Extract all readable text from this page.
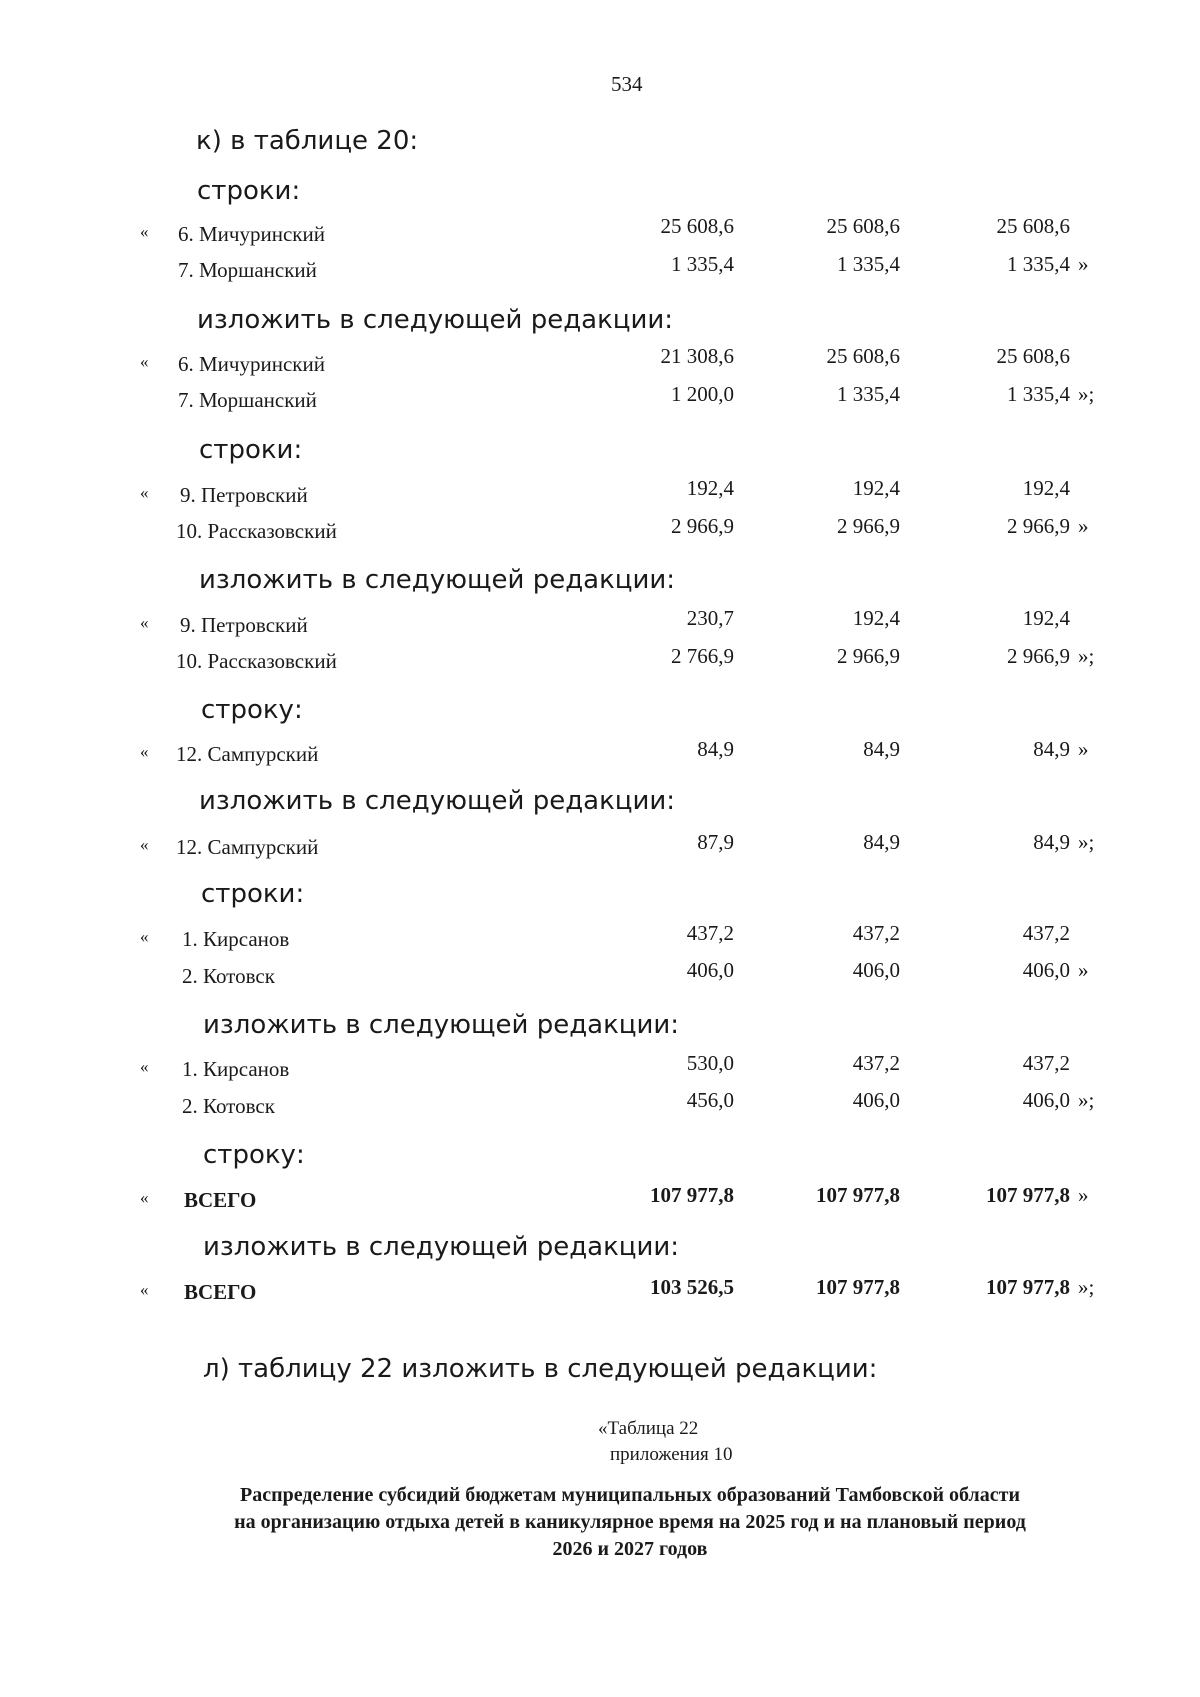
534
к) в таблице 20:
строки:
« 6. Мичуринский	25 608,6	25 608,6	25 608,6
7. Моршанский	1 335,4	1 335,4	1 335,4 »
изложить в следующей редакции:
« 6. Мичуринский	21 308,6	25 608,6	25 608,6
7. Моршанский	1 200,0	1 335,4	1 335,4 »;
строки:
« 9. Петровский	192,4	192,4	192,4
10. Рассказовский	2 966,9	2 966,9	2 966,9 »
изложить в следующей редакции:
« 9. Петровский	230,7	192,4	192,4
10. Рассказовский	2 766,9	2 966,9	2 966,9 »;
строку:
« 12. Сампурский	84,9	84,9	84,9 »
изложить в следующей редакции:
« 12. Сампурский	87,9	84,9	84,9 »;
строки:
« 1. Кирсанов	437,2	437,2	437,2
2. Котовск	406,0	406,0	406,0 »
изложить в следующей редакции:
« 1. Кирсанов	530,0	437,2	437,2
2. Котовск	456,0	406,0	406,0 »;
строку:
« ВСЕГО	107 977,8	107 977,8	107 977,8 »
изложить в следующей редакции:
« ВСЕГО	103 526,5	107 977,8	107 977,8 »;
л) таблицу 22 изложить в следующей редакции:
«Таблица 22
приложения 10
Распределение субсидий бюджетам муниципальных образований Тамбовской области
на организацию отдыха детей в каникулярное время на 2025 год и на плановый период
2026 и 2027 годов
